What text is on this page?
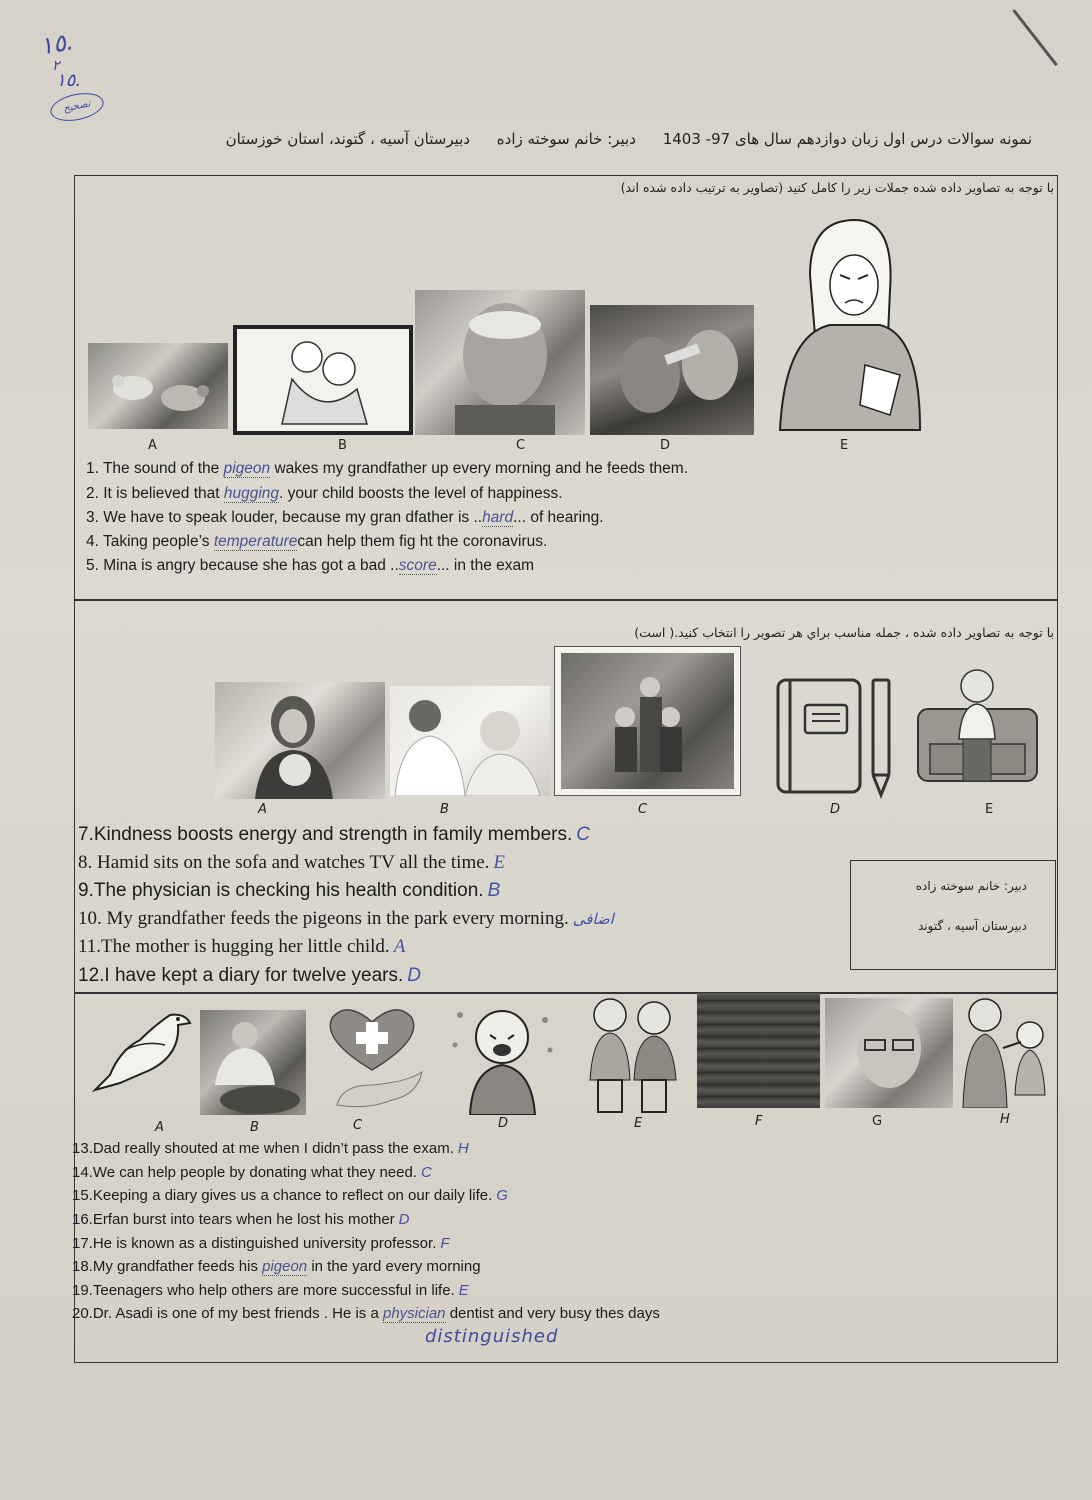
١٥.
٢
١٥.
تصحیح
نمونه سوالات درس اول زبان دوازدهم سال های 97- 1403 دبیر: خانم سوخته زاده دبیرستان آسیه ، گتوند، استان خوزستان
با توجه به تصاویر داده شده جملات زیر را کامل کنید (تصاویر به ترتیب داده شده اند)
A	B	C	D	E
1. The sound of the pigeon wakes my grandfather up every morning and he feeds them.
2. It is believed that hugging. your child boosts the level of happiness.
3. We have to speak louder, because my gran dfather is ..hard... of hearing.
4. Taking people’s temperaturecan help them fig ht the coronavirus.
5. Mina is angry because she has got a bad ..score... in the exam
با توجه به تصاویر داده شده ، جمله مناسب براي هر تصویر را انتخاب کنید.( است)
A	B	C	D	E
7.Kindness boosts energy and strength in family members. C
8. Hamid sits on the sofa and watches TV all the time. E
9.The physician is checking his health condition. B
10. My grandfather feeds the pigeons in the park every morning. اضافی
11.The mother is hugging her little child. A
12.I have kept a diary for twelve years. D
دبیر: خانم سوخته زاده
دبیرستان آسیه ، گتوند
A	B	C	D	E	F	G	H
13.Dad really shouted at me when I didn’t pass the exam. H
14.We can help people by donating what they need. C
15.Keeping a diary gives us a chance to reflect on our daily life. G
16.Erfan burst into tears when he lost his mother D
17.He is known as a distinguished university professor. F
18.My grandfather feeds his pigeon in the yard every morning
19.Teenagers who help others are more successful in life. E
20.Dr. Asadi is one of my best friends . He is a physician dentist and very busy thes days
distinguished
